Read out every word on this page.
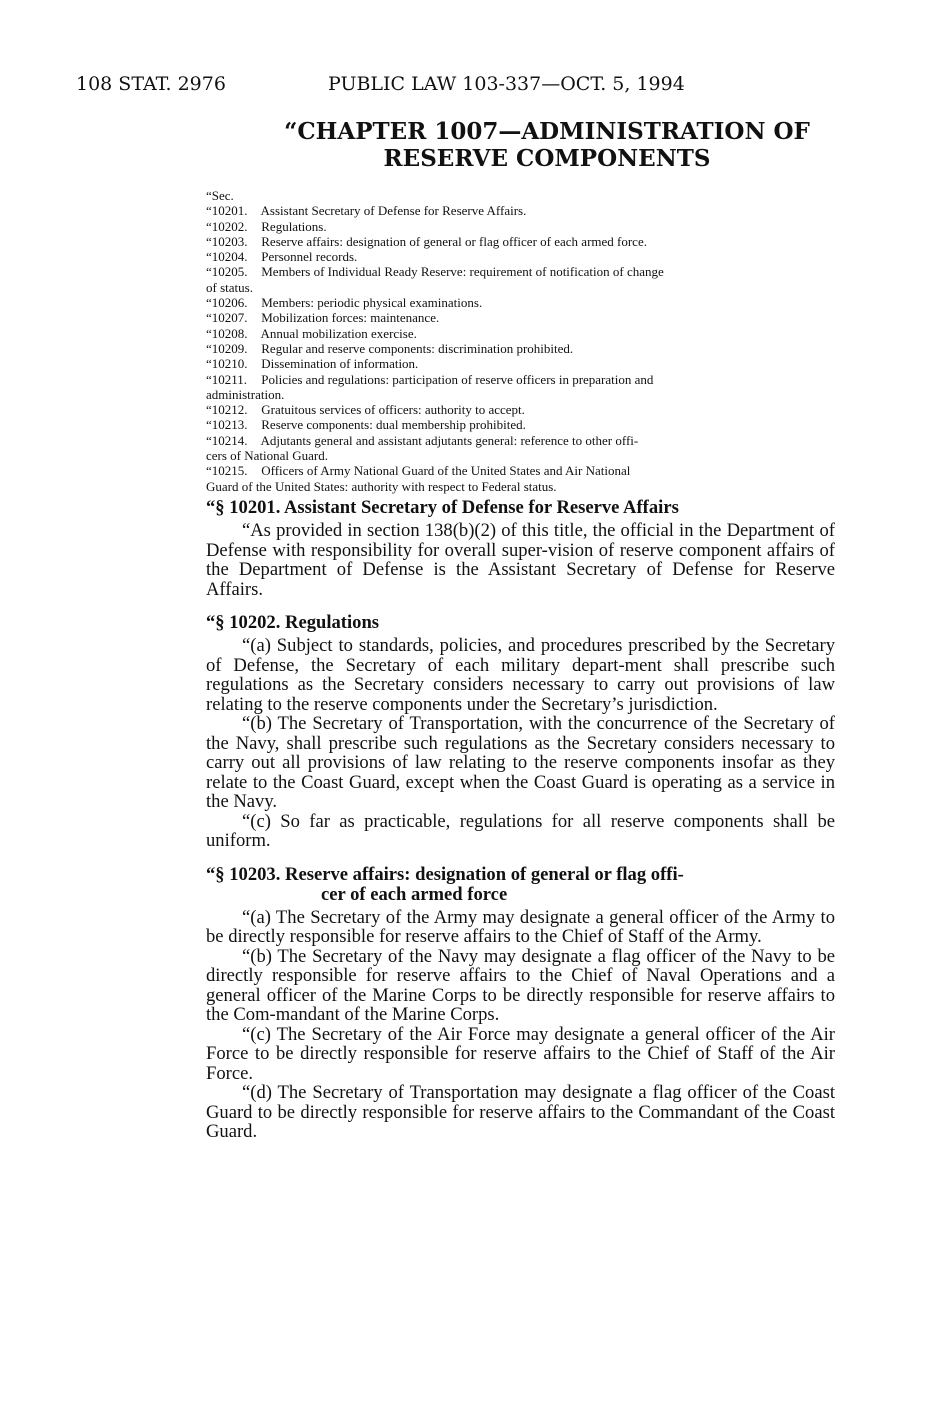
108 STAT. 2976	PUBLIC LAW 103-337—OCT. 5, 1994
“CHAPTER 1007—ADMINISTRATION OF
RESERVE COMPONENTS

“Sec.

“10201. Assistant Secretary of Defense for Reserve Affairs.
“10202. Regulations.
“10203. Reserve affairs: designation of general or flag officer of each armed force.
“10204. Personnel records.
“10205. Members of Individual Ready Reserve: requirement of notification of change
of status.
“10206. Members: periodic physical examinations.
“10207. Mobilization forces: maintenance.
“10208. Annual mobilization exercise.
“10209. Regular and reserve components: discrimination prohibited.
“10210. Dissemination of information.
“10211. Policies and regulations: participation of reserve officers in preparation and
administration.
“10212. Gratuitous services of officers: authority to accept.
“10213. Reserve components: dual membership prohibited.
“10214. Adjutants general and assistant adjutants general: reference to other offi-
cers of National Guard.
“10215. Officers of Army National Guard of the United States and Air National
Guard of the United States: authority with respect to Federal status.
“§ 10201. Assistant Secretary of Defense for Reserve Affairs

“As provided in section 138(b)(2) of this title, the official in the Department of Defense with responsibility for overall super-vision of reserve component affairs of the Department of Defense is the Assistant Secretary of Defense for Reserve Affairs.

“§ 10202. Regulations

“(a) Subject to standards, policies, and procedures prescribed by the Secretary of Defense, the Secretary of each military depart-ment shall prescribe such regulations as the Secretary considers necessary to carry out provisions of law relating to the reserve components under the Secretary’s jurisdiction.

“(b) The Secretary of Transportation, with the concurrence of the Secretary of the Navy, shall prescribe such regulations as the Secretary considers necessary to carry out all provisions of law relating to the reserve components insofar as they relate to the Coast Guard, except when the Coast Guard is operating as a service in the Navy.

“(c) So far as practicable, regulations for all reserve components shall be uniform.

“§ 10203. Reserve affairs: designation of general or flag offi-
cer of each armed force

“(a) The Secretary of the Army may designate a general officer of the Army to be directly responsible for reserve affairs to the Chief of Staff of the Army.

“(b) The Secretary of the Navy may designate a flag officer of the Navy to be directly responsible for reserve affairs to the Chief of Naval Operations and a general officer of the Marine Corps to be directly responsible for reserve affairs to the Com-mandant of the Marine Corps.

“(c) The Secretary of the Air Force may designate a general officer of the Air Force to be directly responsible for reserve affairs to the Chief of Staff of the Air Force.

“(d) The Secretary of Transportation may designate a flag officer of the Coast Guard to be directly responsible for reserve affairs to the Commandant of the Coast Guard.
